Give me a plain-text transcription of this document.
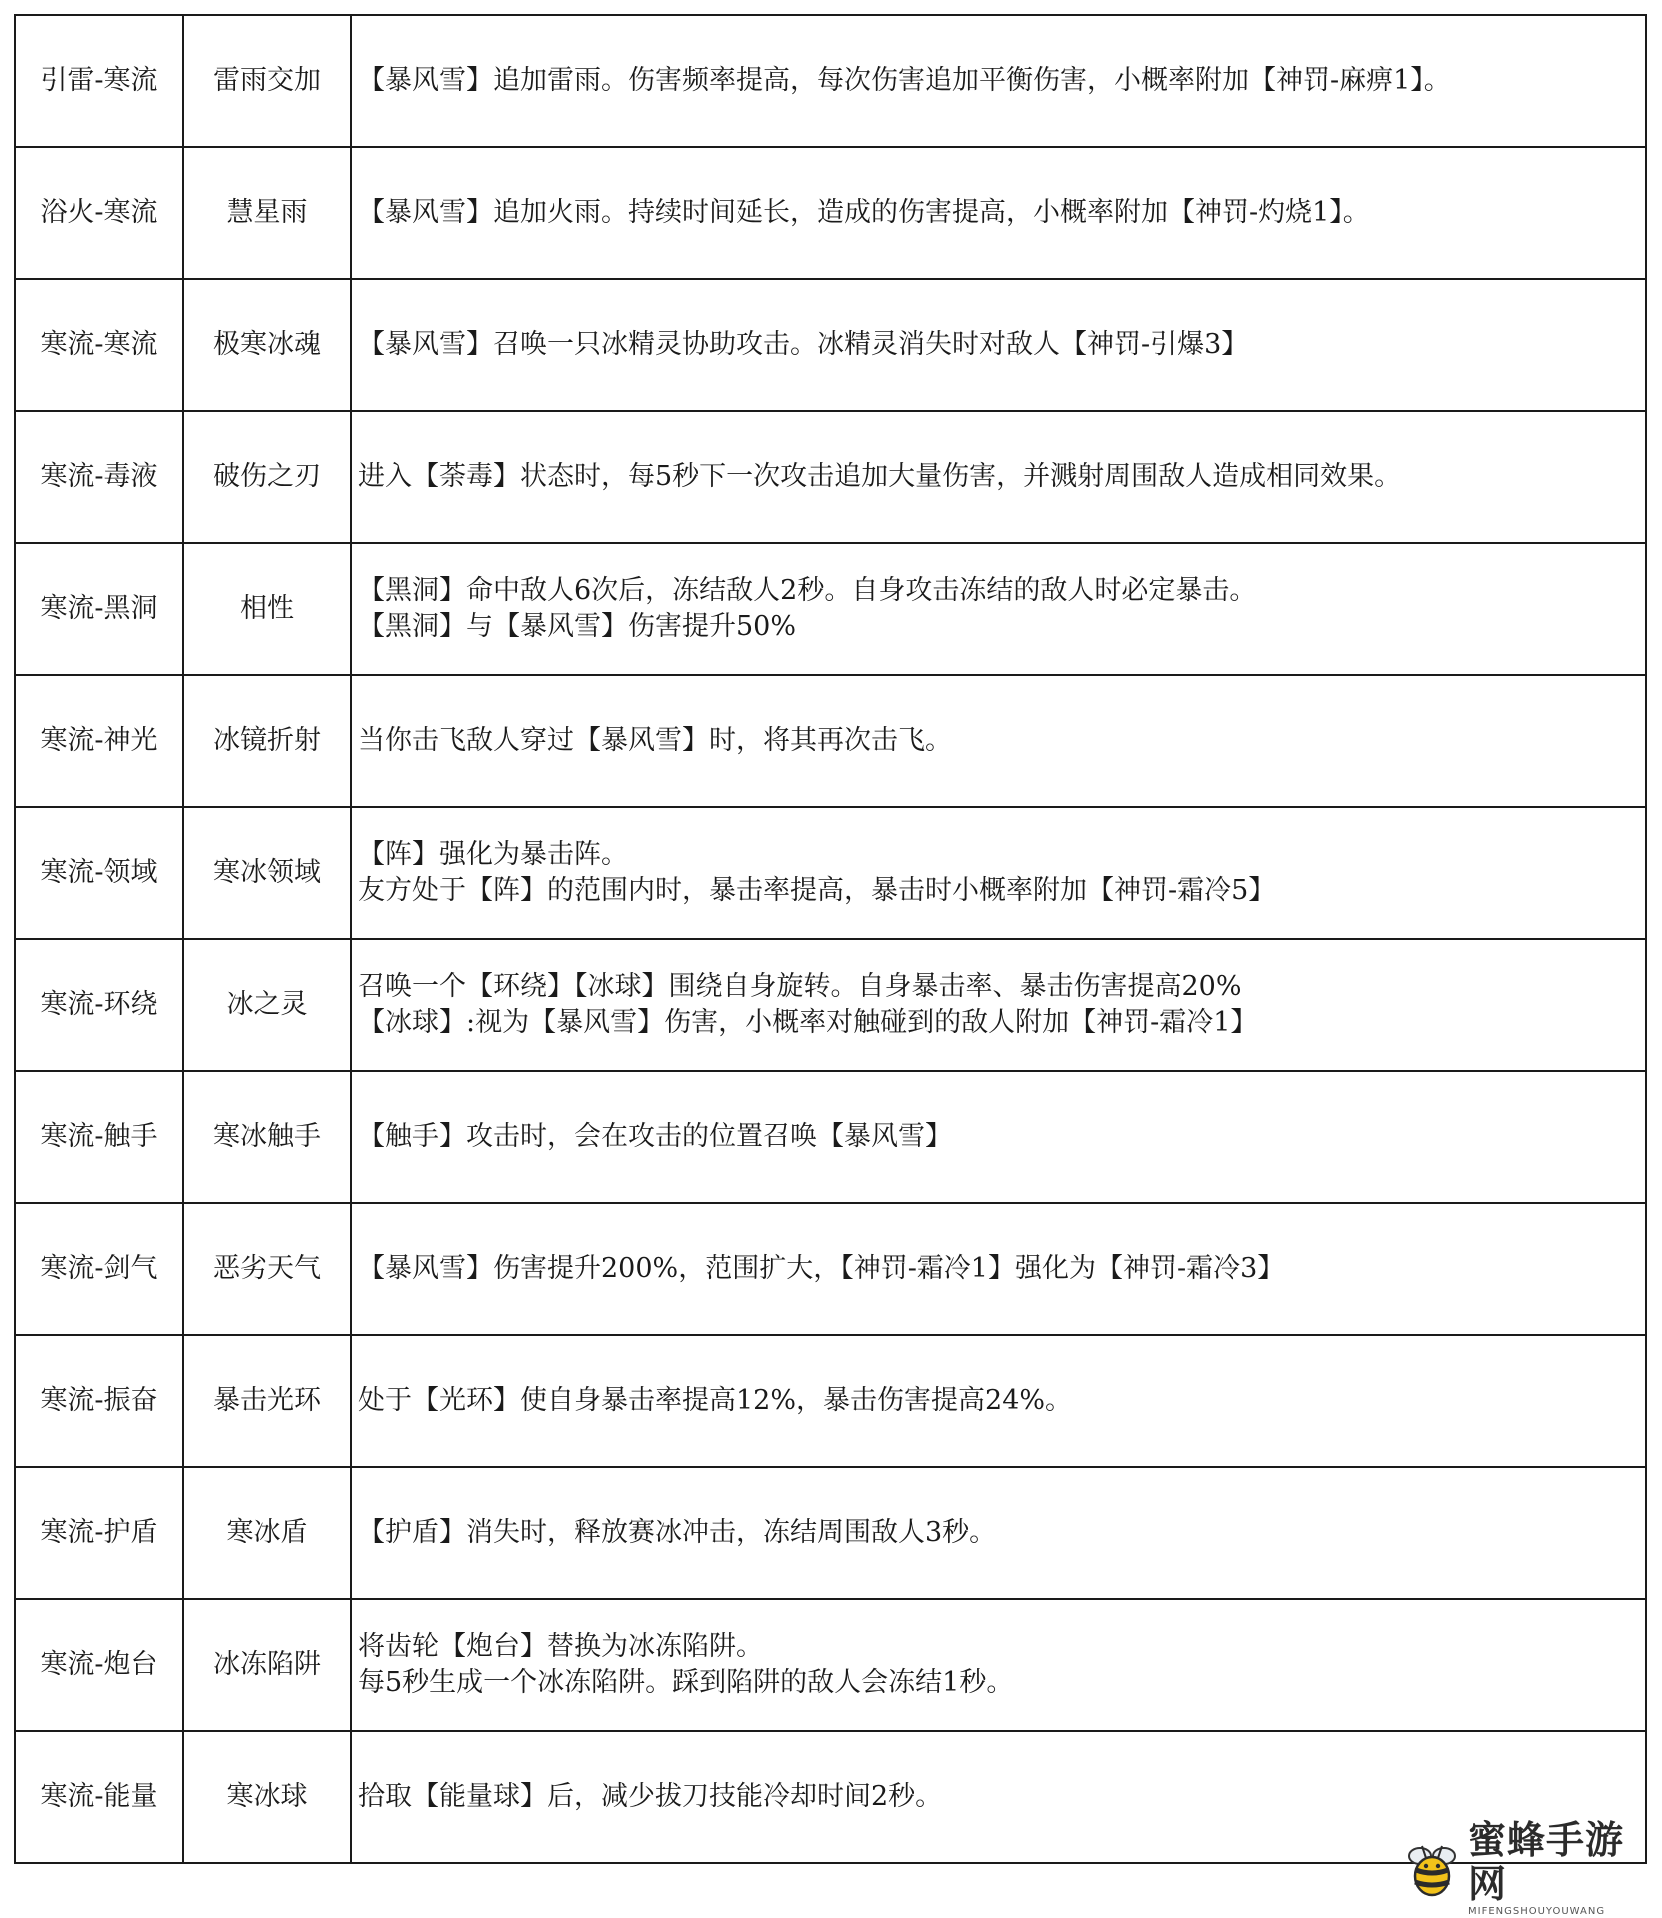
引雷-寒流	雷雨交加	【暴风雪】追加雷雨。伤害频率提高，每次伤害追加平衡伤害，小概率附加【神罚-麻痹1】。

浴火-寒流	慧星雨	【暴风雪】追加火雨。持续时间延长，造成的伤害提高，小概率附加【神罚-灼烧1】。

寒流-寒流	极寒冰魂	【暴风雪】召唤一只冰精灵协助攻击。冰精灵消失时对敌人【神罚-引爆3】

寒流-毒液	破伤之刃	进入【荼毒】状态时，每5秒下一次攻击追加大量伤害，并溅射周围敌人造成相同效果。

寒流-黑洞	相性	【黑洞】命中敌人6次后，冻结敌人2秒。自身攻击冻结的敌人时必定暴击。
【黑洞】与【暴风雪】伤害提升50%

寒流-神光	冰镜折射	当你击飞敌人穿过【暴风雪】时，将其再次击飞。

寒流-领域	寒冰领域	【阵】强化为暴击阵。
友方处于【阵】的范围内时，暴击率提高，暴击时小概率附加【神罚-霜冷5】

寒流-环绕	冰之灵	召唤一个【环绕】【冰球】围绕自身旋转。自身暴击率、暴击伤害提高20%
【冰球】:视为【暴风雪】伤害，小概率对触碰到的敌人附加【神罚-霜冷1】

寒流-触手	寒冰触手	【触手】攻击时，会在攻击的位置召唤【暴风雪】

寒流-剑气	恶劣天气	【暴风雪】伤害提升200%，范围扩大，【神罚-霜冷1】强化为【神罚-霜冷3】

寒流-振奋	暴击光环	处于【光环】使自身暴击率提高12%，暴击伤害提高24%。

寒流-护盾	寒冰盾	【护盾】消失时，释放赛冰冲击，冻结周围敌人3秒。

寒流-炮台	冰冻陷阱	将齿轮【炮台】替换为冰冻陷阱。
每5秒生成一个冰冻陷阱。踩到陷阱的敌人会冻结1秒。

寒流-能量	寒冰球	拾取【能量球】后，减少拔刀技能冷却时间2秒。
蜜蜂手游网
MIFENGSHOUYOUWANG
